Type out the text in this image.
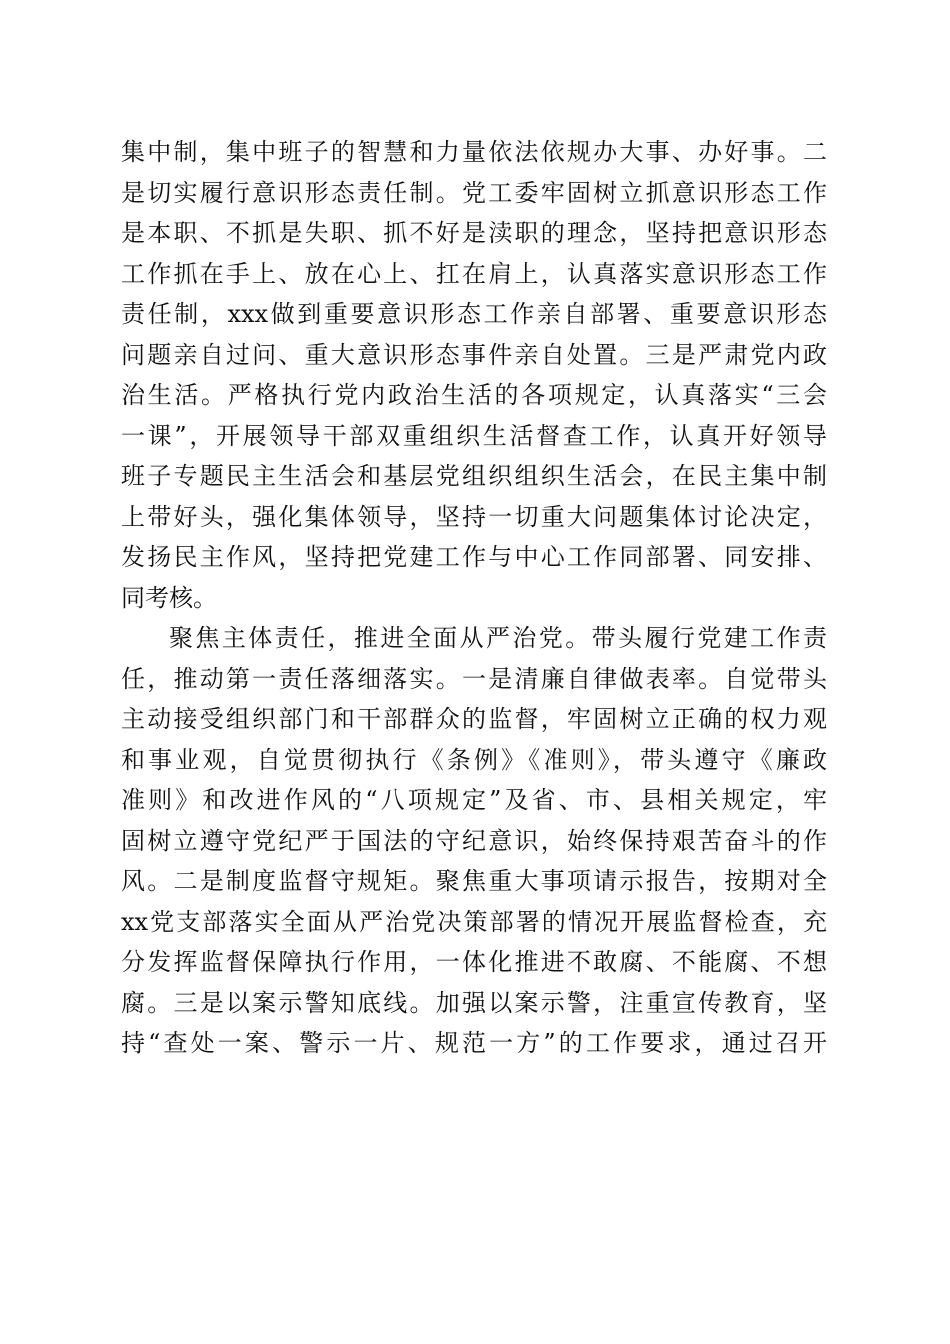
集中制，集中班子的智慧和力量依法依规办大事、办好事。二
是切实履行意识形态责任制。党工委牢固树立抓意识形态工作
是本职、不抓是失职、抓不好是渎职的理念，坚持把意识形态
工作抓在手上、放在心上、扛在肩上，认真落实意识形态工作
责任制，xxx做到重要意识形态工作亲自部署、重要意识形态
问题亲自过问、重大意识形态事件亲自处置。三是严肃党内政
治生活。严格执行党内政治生活的各项规定，认真落实“三会
一课”，开展领导干部双重组织生活督查工作，认真开好领导
班子专题民主生活会和基层党组织组织生活会，在民主集中制
上带好头，强化集体领导，坚持一切重大问题集体讨论决定，
发扬民主作风，坚持把党建工作与中心工作同部署、同安排、
同考核。
聚焦主体责任，推进全面从严治党。带头履行党建工作责
任，推动第一责任落细落实。一是清廉自律做表率。自觉带头
主动接受组织部门和干部群众的监督，牢固树立正确的权力观
和事业观，自觉贯彻执行《条例》《准则》，带头遵守《廉政
准则》和改进作风的“八项规定”及省、市、县相关规定，牢
固树立遵守党纪严于国法的守纪意识，始终保持艰苦奋斗的作
风。二是制度监督守规矩。聚焦重大事项请示报告，按期对全
xx党支部落实全面从严治党决策部署的情况开展监督检查，充
分发挥监督保障执行作用，一体化推进不敢腐、不能腐、不想
腐。三是以案示警知底线。加强以案示警，注重宣传教育，坚
持“查处一案、警示一片、规范一方”的工作要求，通过召开
